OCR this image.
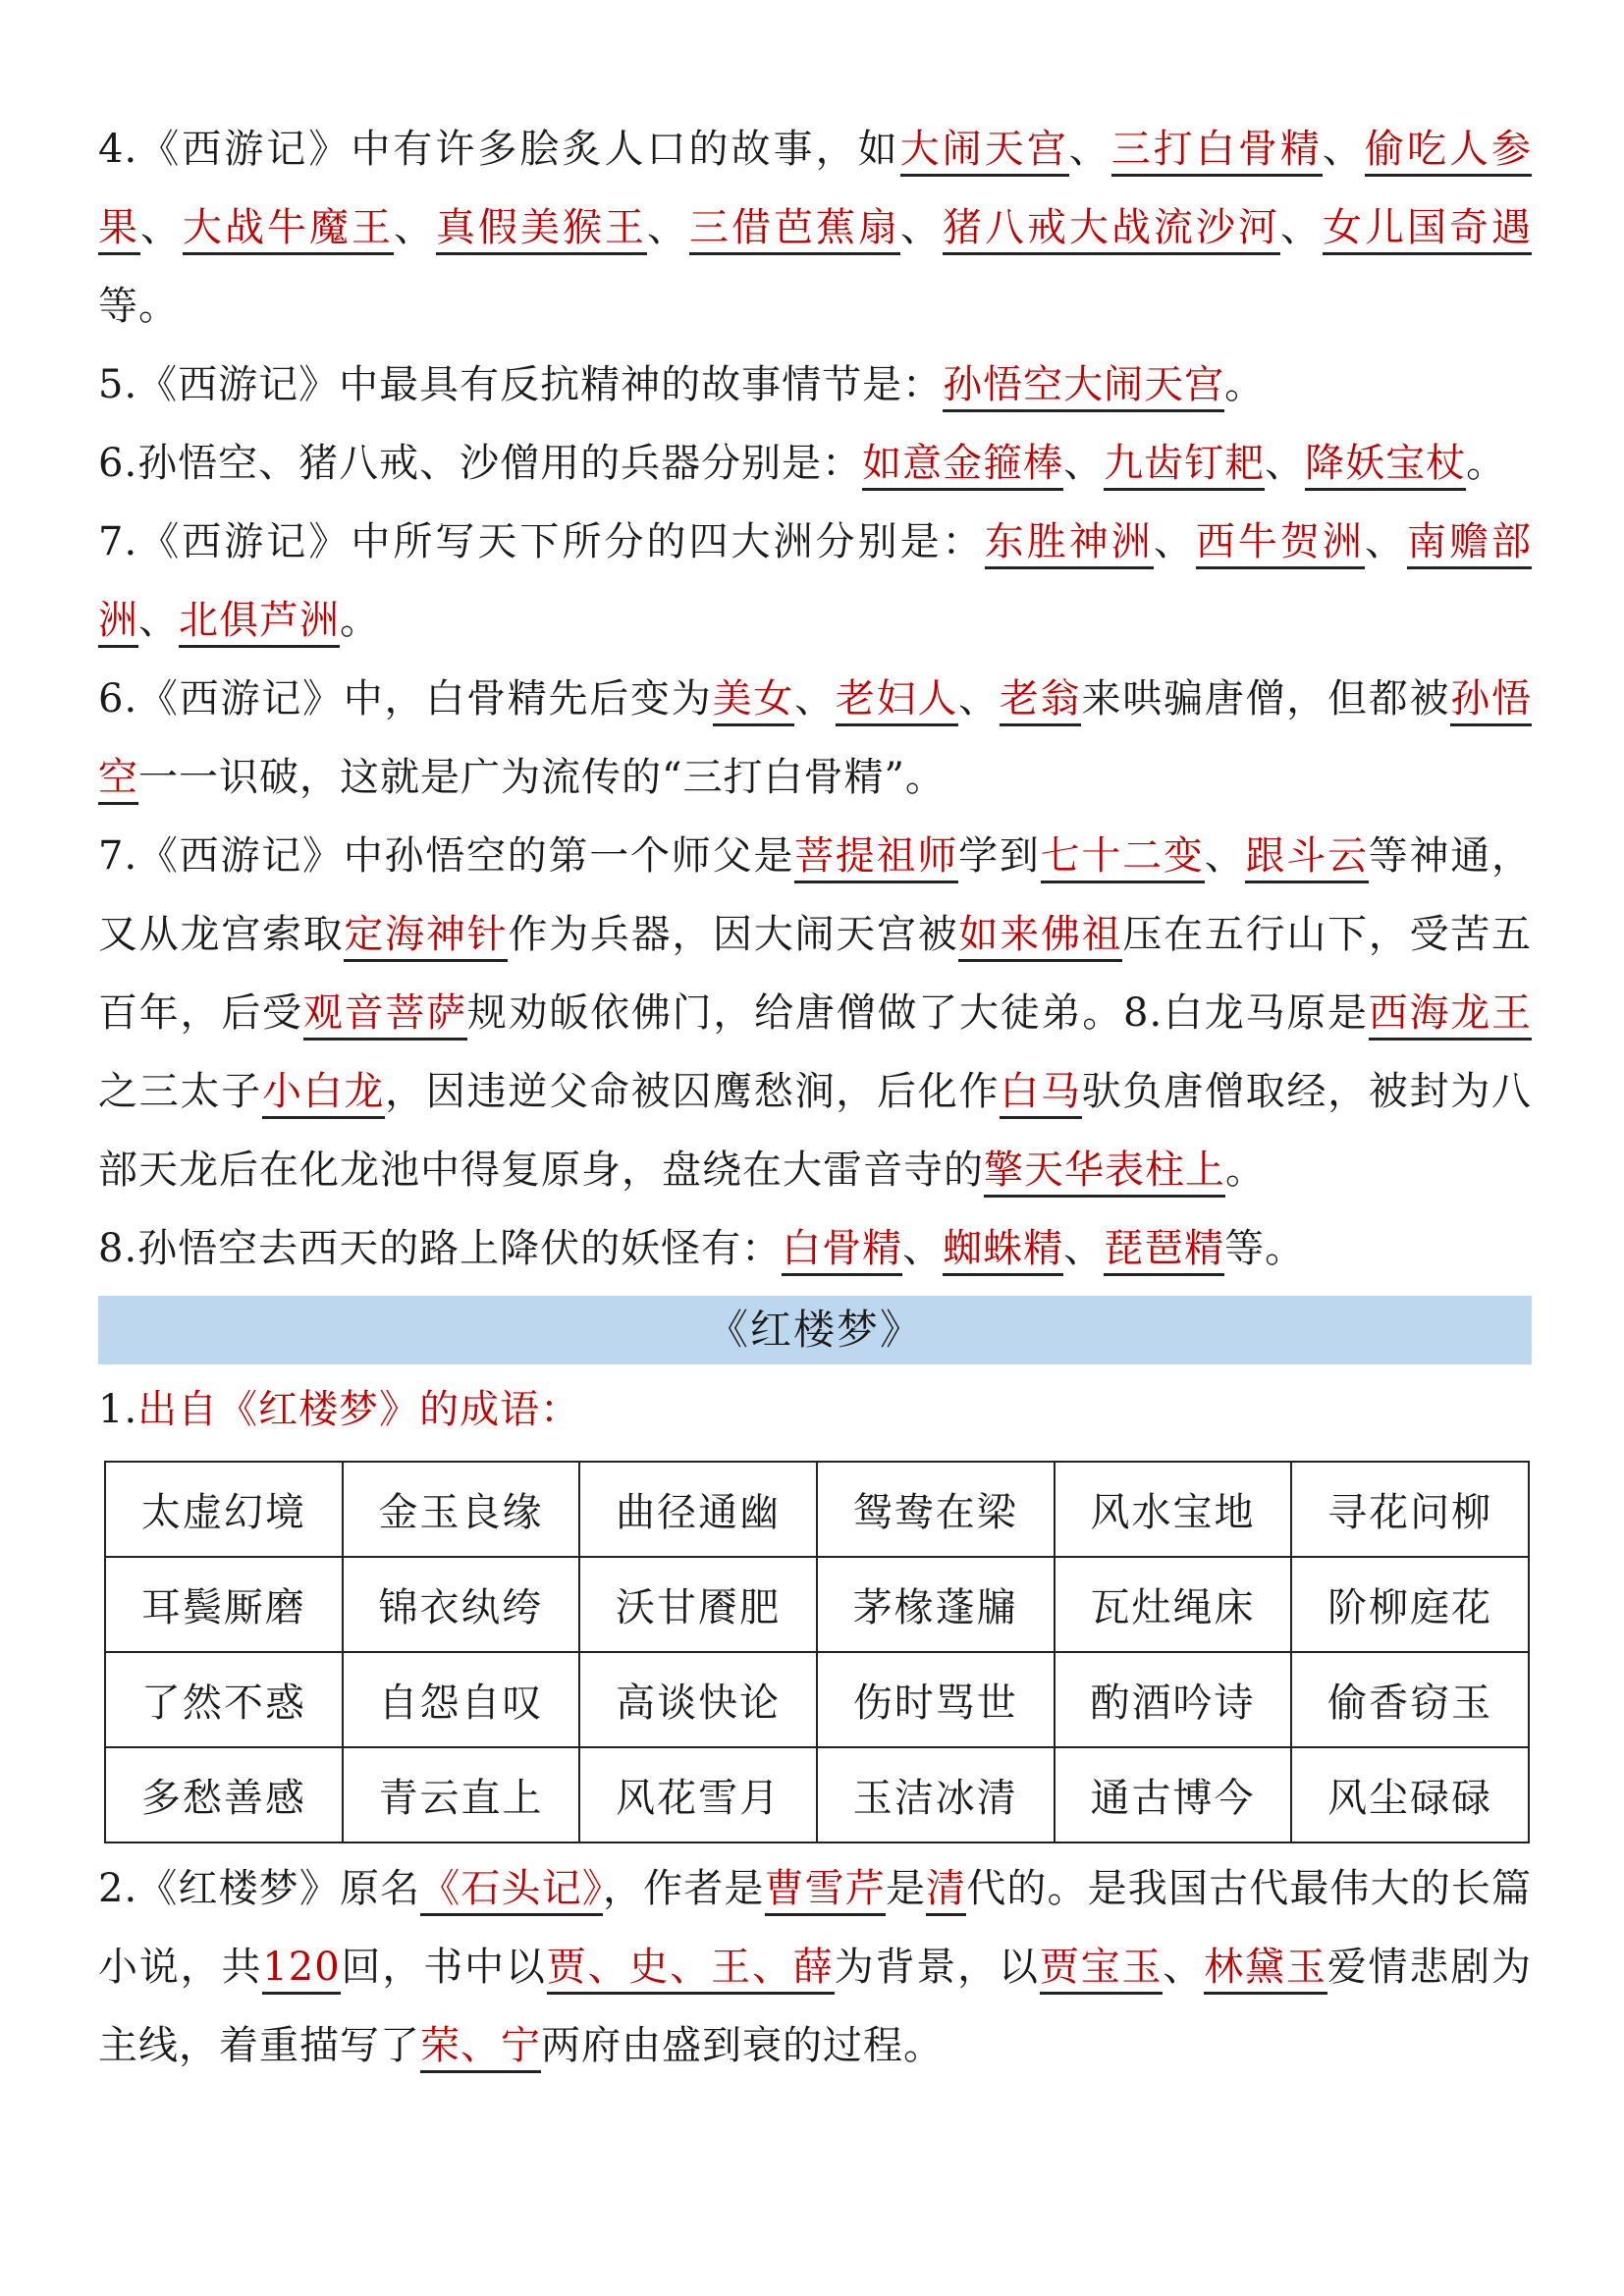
4.《西游记》中有许多脍炙人口的故事，如大闹天宫、三打白骨精、偷吃人参果、大战牛魔王、真假美猴王、三借芭蕉扇、猪八戒大战流沙河、女儿国奇遇等。

5.《西游记》中最具有反抗精神的故事情节是：孙悟空大闹天宫。

6.孙悟空、猪八戒、沙僧用的兵器分别是：如意金箍棒、九齿钉耙、降妖宝杖。

7.《西游记》中所写天下所分的四大洲分别是：东胜神洲、西牛贺洲、南赡部洲、北俱芦洲。

6.《西游记》中，白骨精先后变为美女、老妇人、老翁来哄骗唐僧，但都被孙悟空一一识破，这就是广为流传的“三打白骨精”。

7.《西游记》中孙悟空的第一个师父是菩提祖师学到七十二变、跟斗云等神通，又从龙宫索取定海神针作为兵器，因大闹天宫被如来佛祖压在五行山下，受苦五百年，后受观音菩萨规劝皈依佛门，给唐僧做了大徒弟。8.白龙马原是西海龙王之三太子小白龙，因违逆父命被囚鹰愁涧，后化作白马驮负唐僧取经，被封为八部天龙后在化龙池中得复原身，盘绕在大雷音寺的擎天华表柱上。

8.孙悟空去西天的路上降伏的妖怪有：白骨精、蜘蛛精、琵琶精等。

《红楼梦》

1.出自《红楼梦》的成语：

太虚幻境	金玉良缘	曲径通幽	鸳鸯在梁	风水宝地	寻花问柳
耳鬓厮磨	锦衣纨绔	沃甘餍肥	茅椽蓬牖	瓦灶绳床	阶柳庭花
了然不惑	自怨自叹	高谈快论	伤时骂世	酌酒吟诗	偷香窃玉
多愁善感	青云直上	风花雪月	玉洁冰清	通古博今	风尘碌碌

2.《红楼梦》原名《石头记》，作者是曹雪芹是清代的。是我国古代最伟大的长篇小说，共120回，书中以贾、史、王、薛为背景，以贾宝玉、林黛玉爱情悲剧为主线，着重描写了荣、宁两府由盛到衰的过程。
